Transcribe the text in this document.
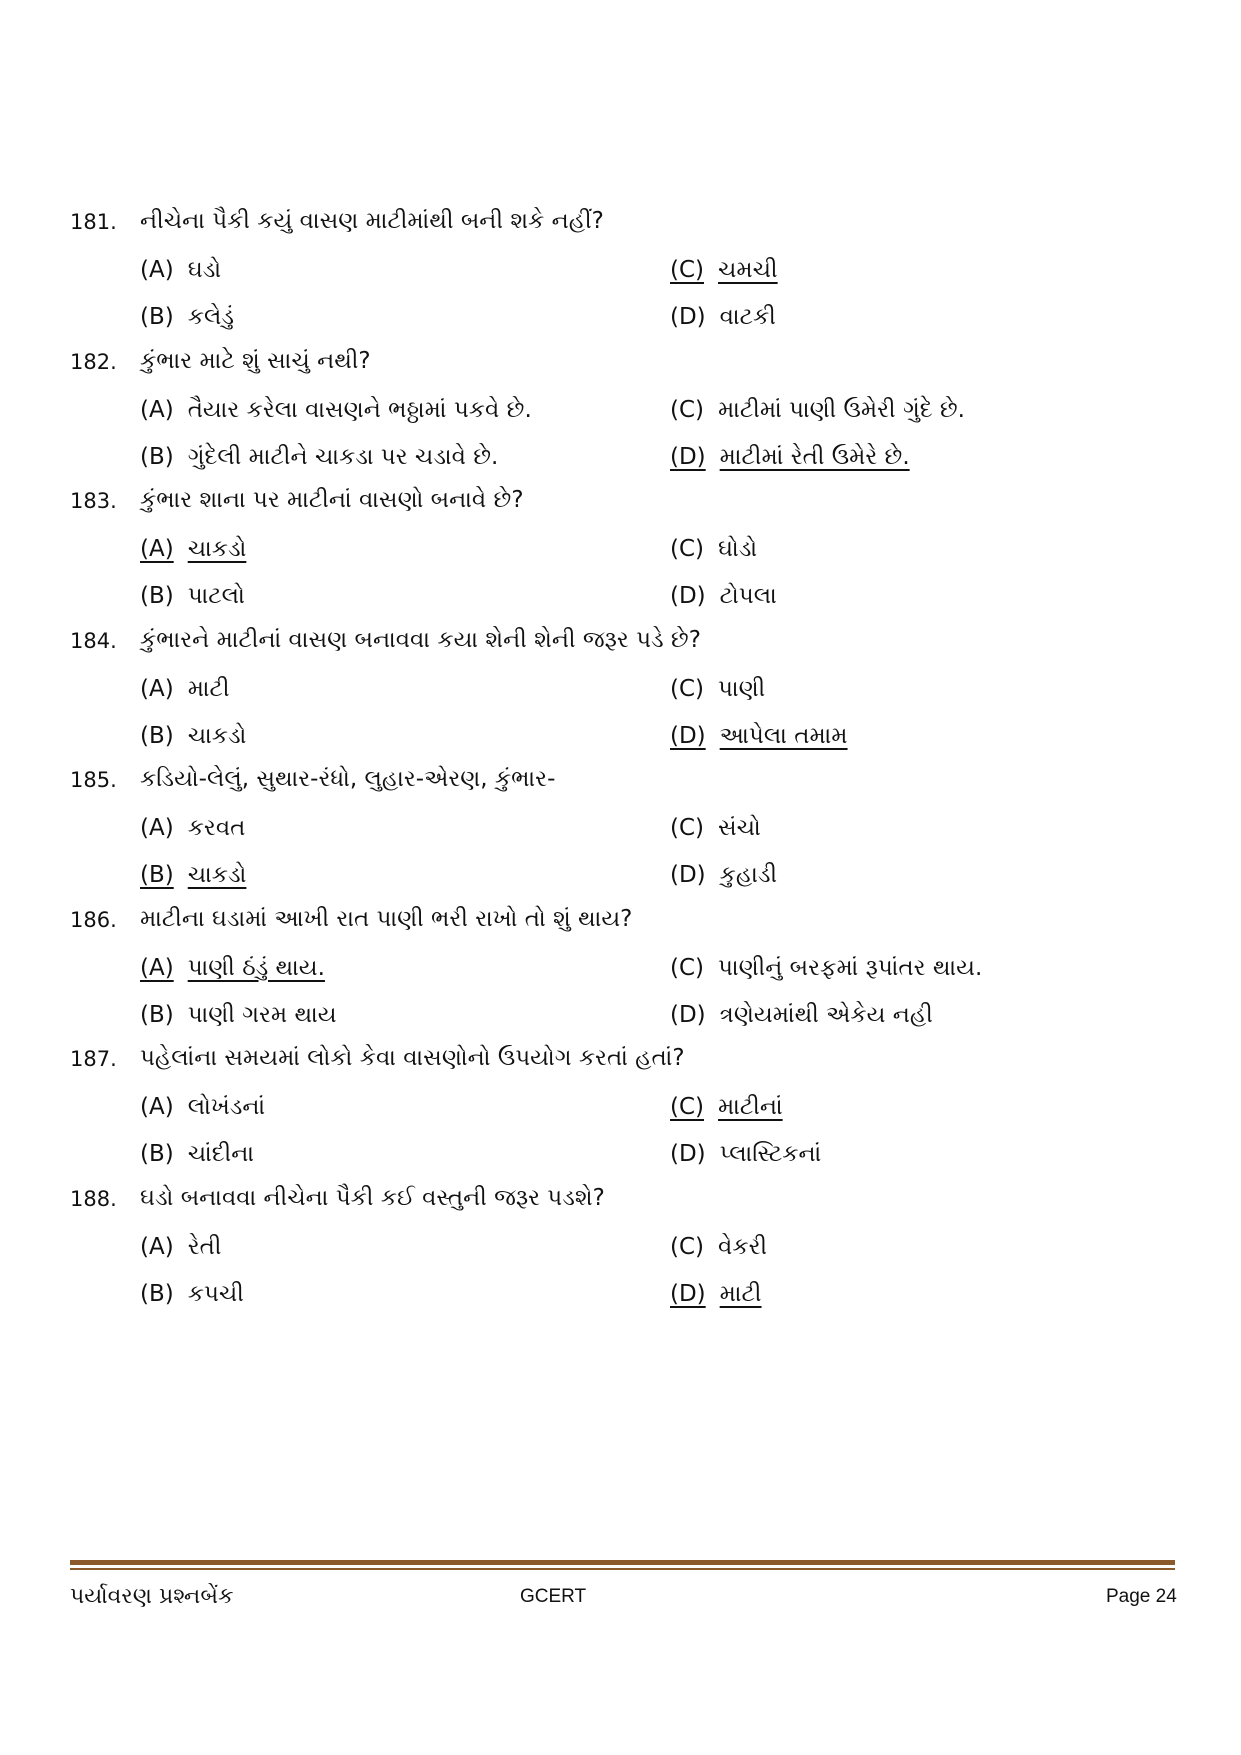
181. નીચેના પૈકી કયું વાસણ માટીમાંથી બની શકે નહીં?
(A) ઘડો	(C) ચમચી
(B) કલેડું	(D) વાટકી
182. કુંભાર માટે શું સાચું નથી?
(A) તૈયાર કરેલા વાસણને ભઠ્ઠામાં પકવે છે.	(C) માટીમાં પાણી ઉમેરી ગુંદે છે.
(B) ગુંદેલી માટીને ચાકડા પર ચડાવે છે.	(D) માટીમાં રેતી ઉમેરે છે.
183. કુંભાર શાના પર માટીનાં વાસણો બનાવે છે?
(A) ચાકડો	(C) ઘોડો
(B) પાટલો	(D) ટોપલા
184. કુંભારને માટીનાં વાસણ બનાવવા કયા શેની શેની જરૂર પડે છે?
(A) માટી	(C) પાણી
(B) ચાકડો	(D) આપેલા તમામ
185. કડિયો-લેલું, સુથાર-રંધો, લુહાર-એરણ, કુંભાર-
(A) કરવત	(C) સંચો
(B) ચાકડો	(D) કુહાડી
186. માટીના ઘડામાં આખી રાત પાણી ભરી રાખો તો શું થાય?
(A) પાણી ઠંડું થાય.	(C) પાણીનું બરફમાં રૂપાંતર થાય.
(B) પાણી ગરમ થાય	(D) ત્રણેયમાંથી એકેય નહી
187. પહેલાંના સમયમાં લોકો કેવા વાસણોનો ઉપયોગ કરતાં હતાં?
(A) લોખંડનાં	(C) માટીનાં
(B) ચાંદીના	(D) પ્લાસ્ટિકનાં
188. ઘડો બનાવવા નીચેના પૈકી કઈ વસ્તુની જરૂર પડશે?
(A) રેતી	(C) વેકરી
(B) કપચી	(D) માટી
પર્યાવરણ પ્રશ્નબેંક	GCERT	Page 24
